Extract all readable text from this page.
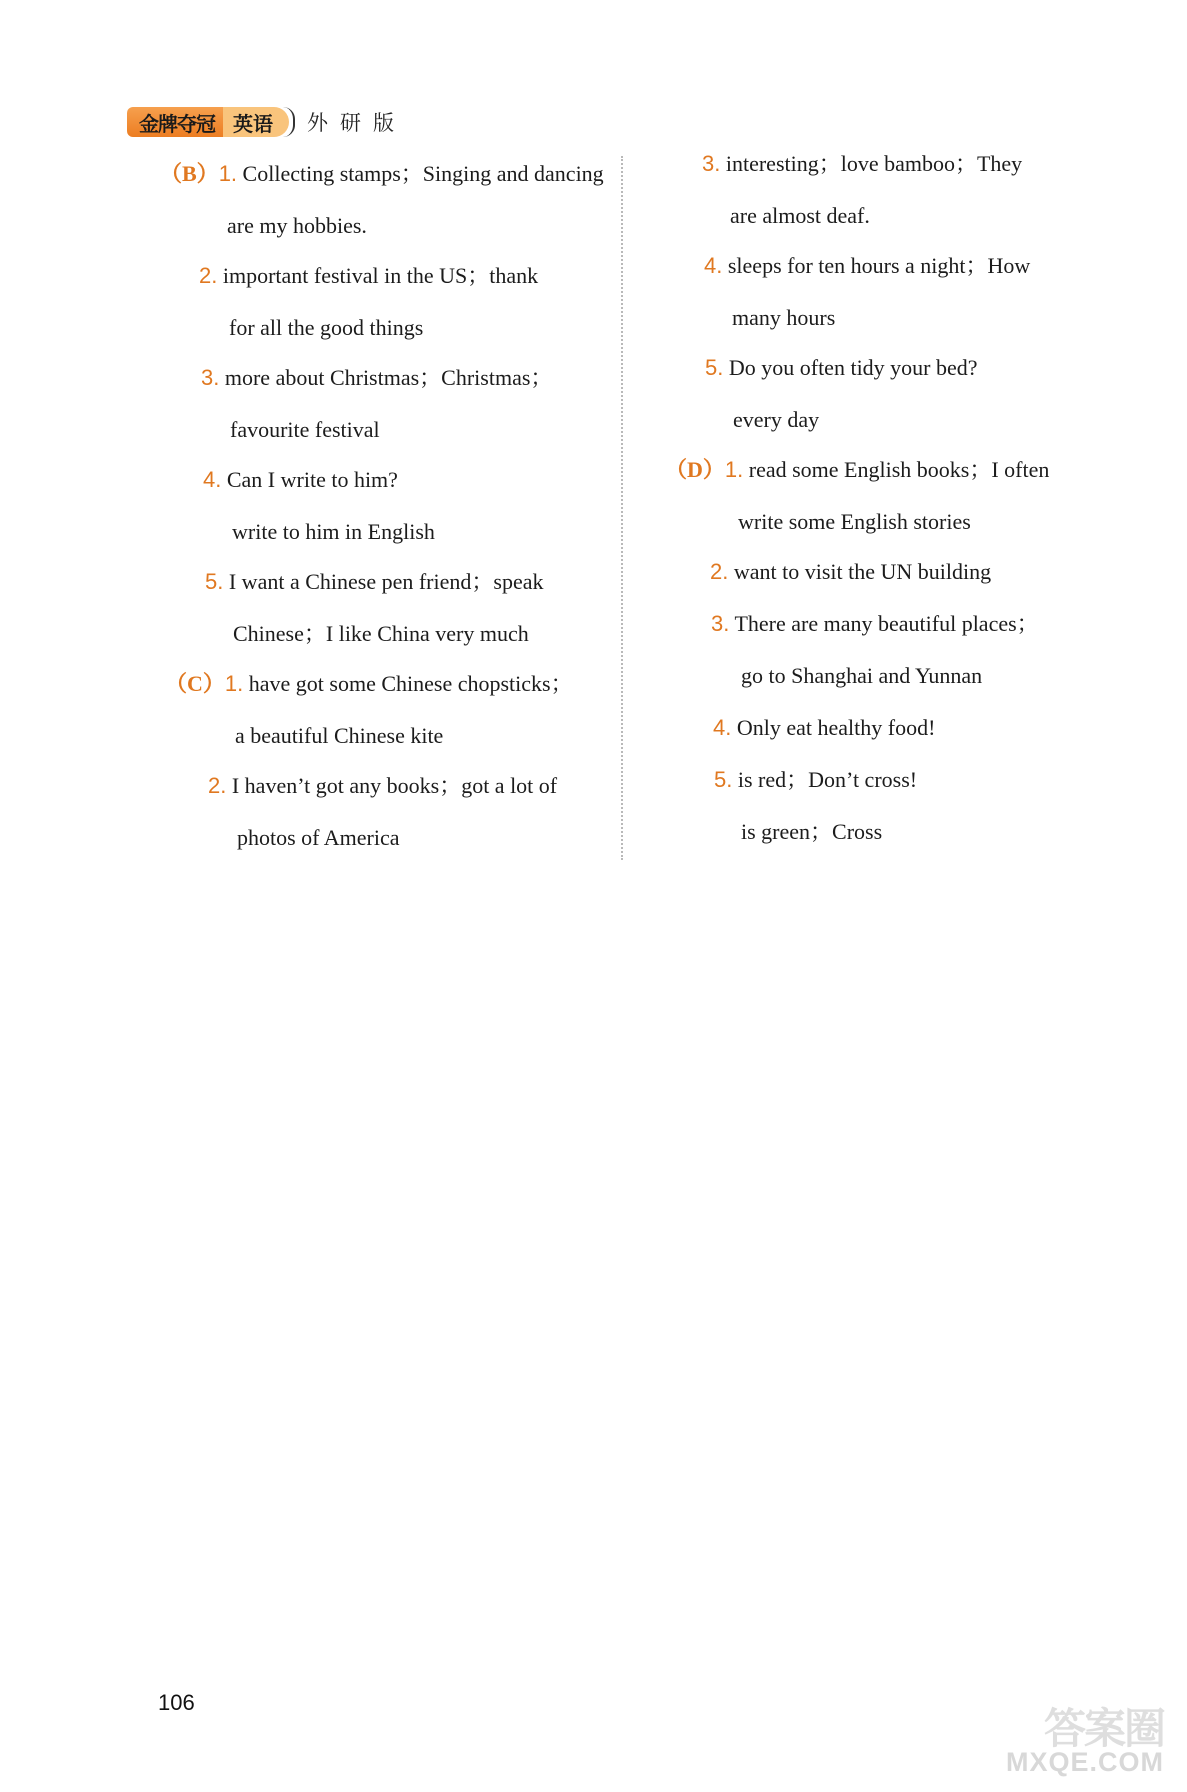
金牌夺冠 英语	外研版
（B）1. Collecting stamps；Singing and dancing
are my hobbies.
2. important festival in the US；thank
for all the good things
3. more about Christmas；Christmas；
favourite festival
4. Can I write to him?
write to him in English
5. I want a Chinese pen friend；speak
Chinese；I like China very much
（C）1. have got some Chinese chopsticks；
a beautiful Chinese kite
2. I haven’t got any books；got a lot of
photos of America
3. interesting；love bamboo；They
are almost deaf.
4. sleeps for ten hours a night；How
many hours
5. Do you often tidy your bed?
every day
（D）1. read some English books；I often
write some English stories
2. want to visit the UN building
3. There are many beautiful places；
go to Shanghai and Yunnan
4. Only eat healthy food!
5. is red；Don’t cross!
is green；Cross
106
答案圈
MXQE.COM
